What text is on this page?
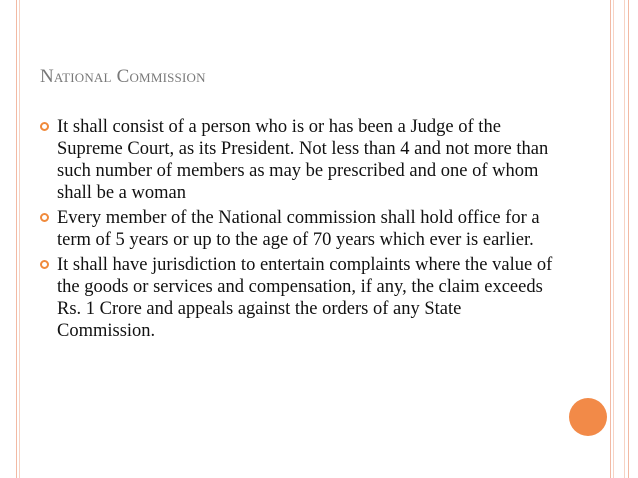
National Commission
It shall consist of a person who is or has been a Judge of the Supreme Court, as its President. Not less than 4 and not more than such number of members as may be prescribed and one of whom shall be a woman
Every member of the National commission shall hold office for a term of 5 years or up to the age of 70 years which ever is earlier.
It shall have jurisdiction to entertain complaints where the value of the goods or services and compensation, if any, the claim exceeds Rs. 1 Crore and appeals against the orders of any State Commission.
